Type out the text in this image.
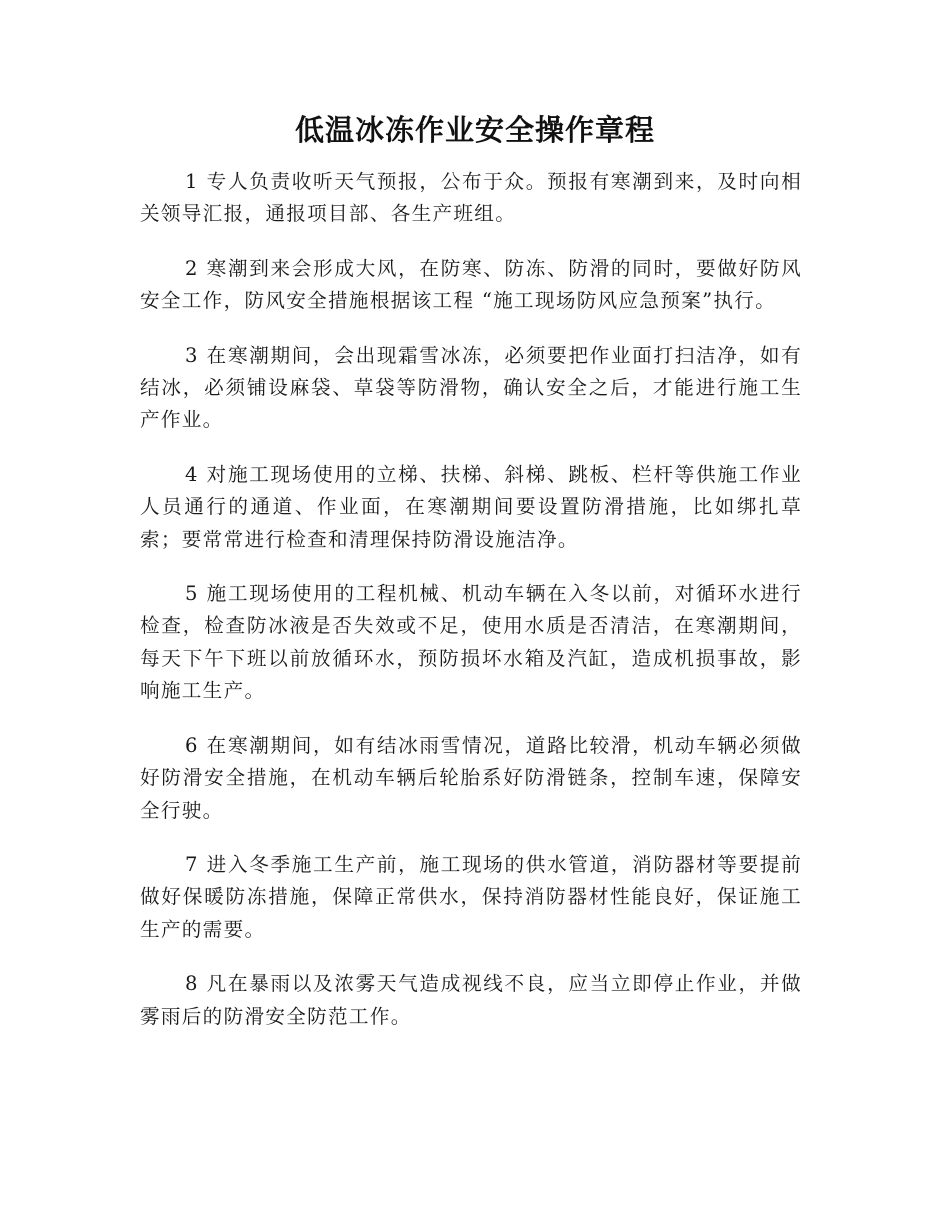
低温冰冻作业安全操作章程

1 专人负责收听天气预报，公布于众。预报有寒潮到来，及时向相关领导汇报，通报项目部、各生产班组。

2 寒潮到来会形成大风，在防寒、防冻、防滑的同时，要做好防风安全工作，防风安全措施根据该工程 “施工现场防风应急预案”执行。

3 在寒潮期间，会出现霜雪冰冻，必须要把作业面打扫洁净，如有结冰，必须铺设麻袋、草袋等防滑物，确认安全之后，才能进行施工生产作业。

4 对施工现场使用的立梯、扶梯、斜梯、跳板、栏杆等供施工作业人员通行的通道、作业面，在寒潮期间要设置防滑措施，比如绑扎草索；要常常进行检查和清理保持防滑设施洁净。

5 施工现场使用的工程机械、机动车辆在入冬以前，对循环水进行检查，检查防冰液是否失效或不足，使用水质是否清洁，在寒潮期间，每天下午下班以前放循环水，预防损坏水箱及汽缸，造成机损事故，影响施工生产。

6 在寒潮期间，如有结冰雨雪情况，道路比较滑，机动车辆必须做好防滑安全措施，在机动车辆后轮胎系好防滑链条，控制车速，保障安全行驶。

7 进入冬季施工生产前，施工现场的供水管道，消防器材等要提前做好保暖防冻措施，保障正常供水，保持消防器材性能良好，保证施工生产的需要。

8 凡在暴雨以及浓雾天气造成视线不良，应当立即停止作业，并做雾雨后的防滑安全防范工作。
